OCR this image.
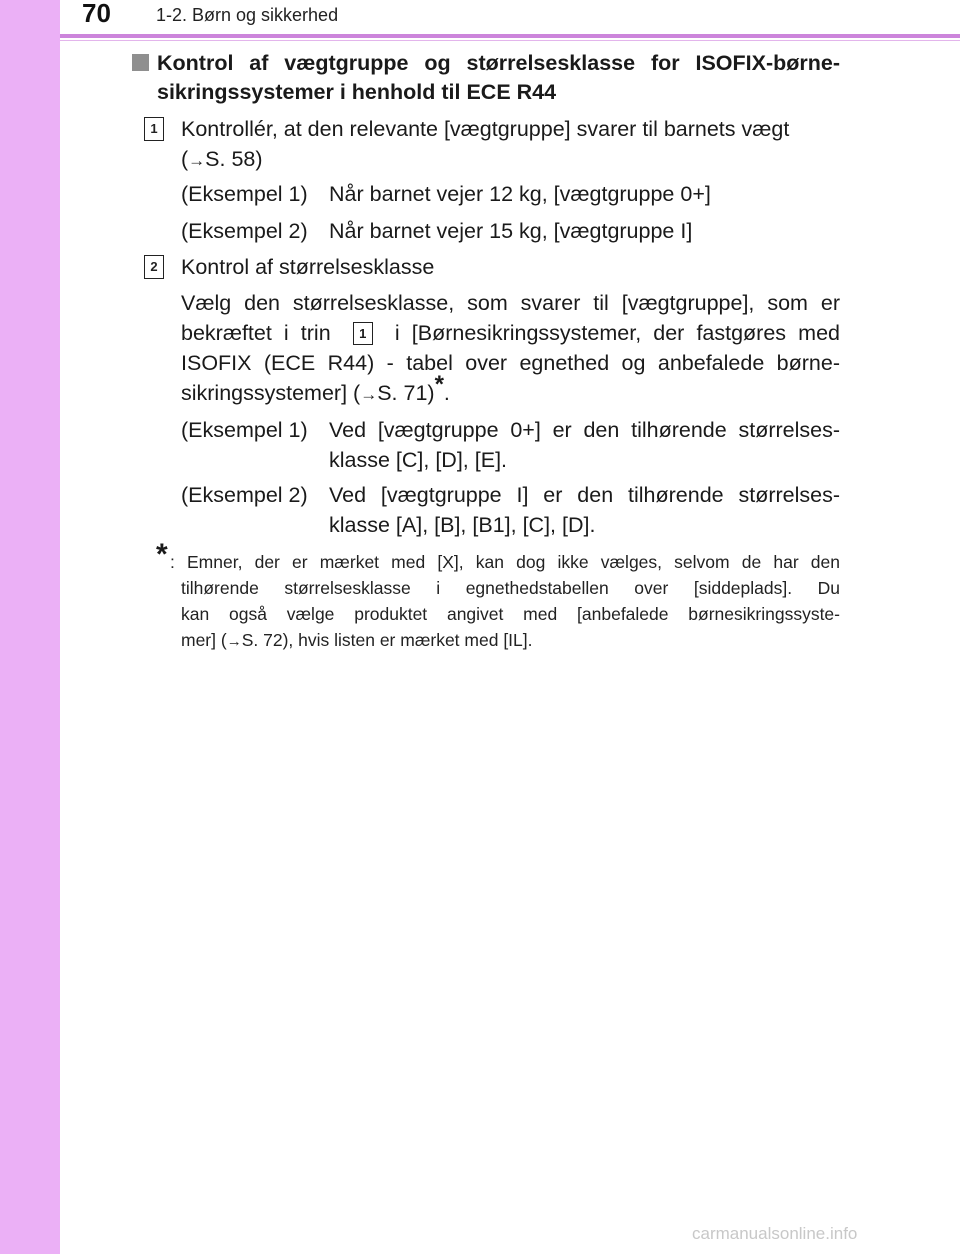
70	1-2. Børn og sikkerhed
Kontrol af vægtgruppe og størrelsesklasse for ISOFIX-børne-
sikringssystemer i henhold til ECE R44
1 Kontrollér, at den relevante [vægtgruppe] svarer til barnets vægt
(→S. 58)
(Eksempel 1) Når barnet vejer 12 kg, [vægtgruppe 0+]
(Eksempel 2) Når barnet vejer 15 kg, [vægtgruppe I]
2 Kontrol af størrelsesklasse
Vælg den størrelsesklasse, som svarer til [vægtgruppe], som er
bekræftet i trin 1 i [Børnesikringssystemer, der fastgøres med
ISOFIX (ECE R44) - tabel over egnethed og anbefalede børne-
sikringssystemer] (→S. 71)*.
(Eksempel 1) Ved [vægtgruppe 0+] er den tilhørende størrelses-
klasse [C], [D], [E].
(Eksempel 2) Ved [vægtgruppe I] er den tilhørende størrelses-
klasse [A], [B], [B1], [C], [D].
* : Emner, der er mærket med [X], kan dog ikke vælges, selvom de har den
tilhørende størrelsesklasse i egnethedstabellen over [siddeplads]. Du
kan også vælge produktet angivet med [anbefalede børnesikringssyste-
mer] (→S. 72), hvis listen er mærket med [IL].
carmanualsonline.info
